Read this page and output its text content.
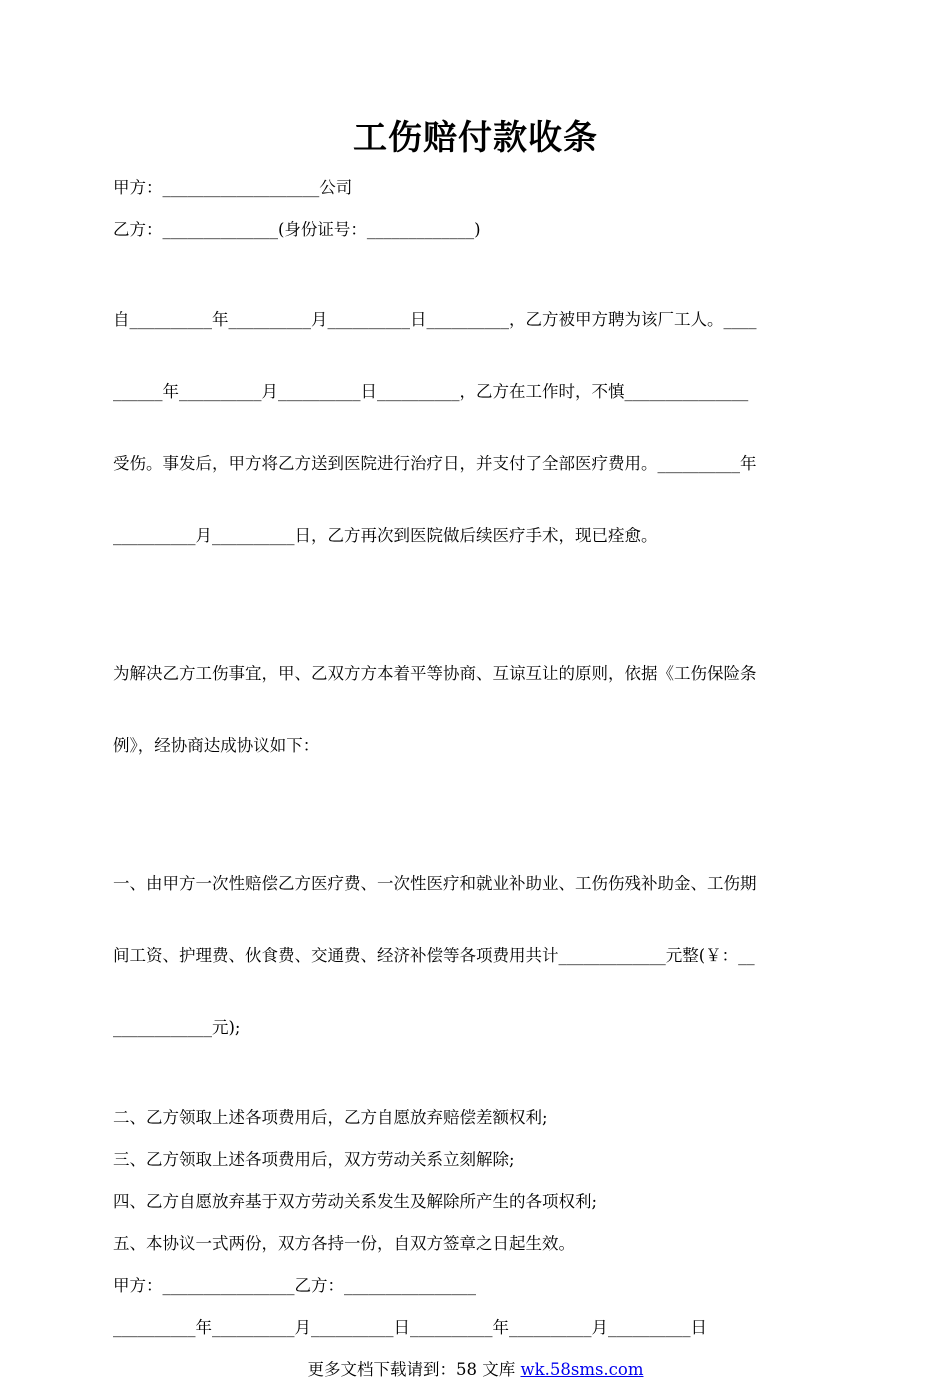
工伤赔付款收条
甲方：___________________公司
乙方：______________(身份证号：_____________)

自__________年__________月__________日__________，乙方被甲方聘为该厂工人。____

______年__________月__________日__________，乙方在工作时，不慎_______________

受伤。事发后，甲方将乙方送到医院进行治疗日，并支付了全部医疗费用。__________年

__________月__________日，乙方再次到医院做后续医疗手术，现已痊愈。

为解决乙方工伤事宜，甲、乙双方方本着平等协商、互谅互让的原则，依据《工伤保险条

例》，经协商达成协议如下：

一、由甲方一次性赔偿乙方医疗费、一次性医疗和就业补助业、工伤伤残补助金、工伤期

间工资、护理费、伙食费、交通费、经济补偿等各项费用共计_____________元整(￥：__

____________元);

二、乙方领取上述各项费用后，乙方自愿放弃赔偿差额权利;
三、乙方领取上述各项费用后，双方劳动关系立刻解除;
四、乙方自愿放弃基于双方劳动关系发生及解除所产生的各项权利;
五、本协议一式两份，双方各持一份，自双方签章之日起生效。
甲方：________________乙方：________________
__________年__________月__________日__________年__________月__________日
更多文档下载请到：58 文库 wk.58sms.com
